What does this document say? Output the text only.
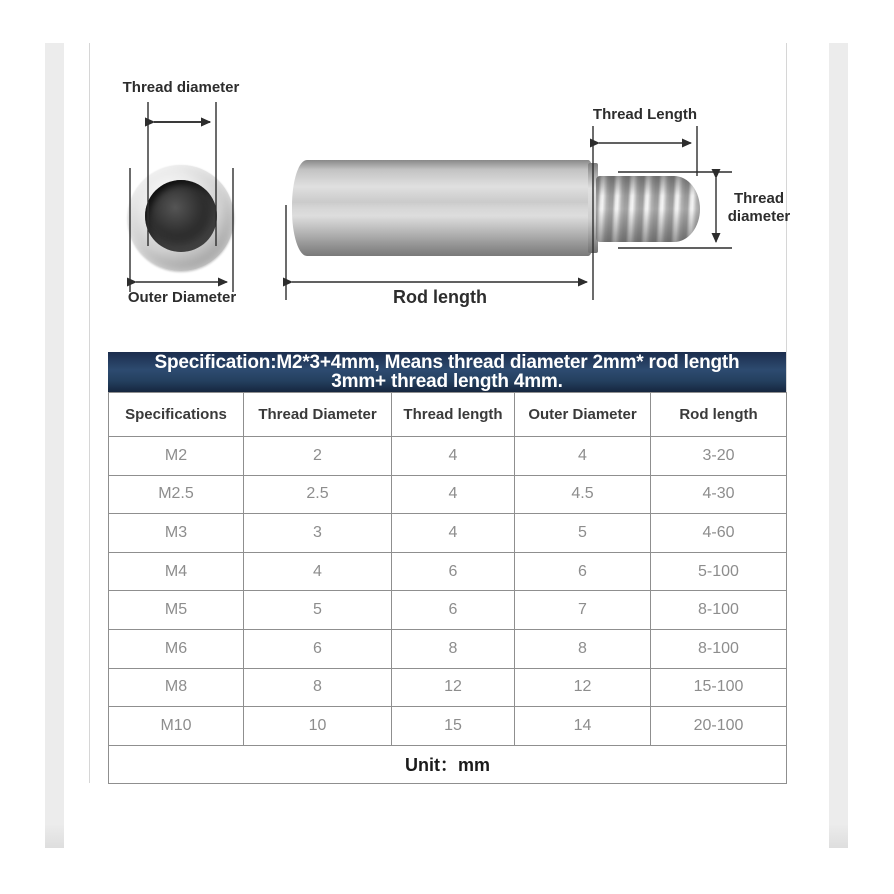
Thread diameter
Outer Diameter
Thread Length
Thread
diameter
Rod length
Specification:M2*3+4mm, Means thread diameter 2mm* rod length
3mm+ thread length 4mm.
Specifications	Thread Diameter	Thread length	Outer Diameter	Rod length
M2	2	4	4	3-20
M2.5	2.5	4	4.5	4-30
M3	3	4	5	4-60
M4	4	6	6	5-100
M5	5	6	7	8-100
M6	6	8	8	8-100
M8	8	12	12	15-100
M10	10	15	14	20-100
Unit：mm				
